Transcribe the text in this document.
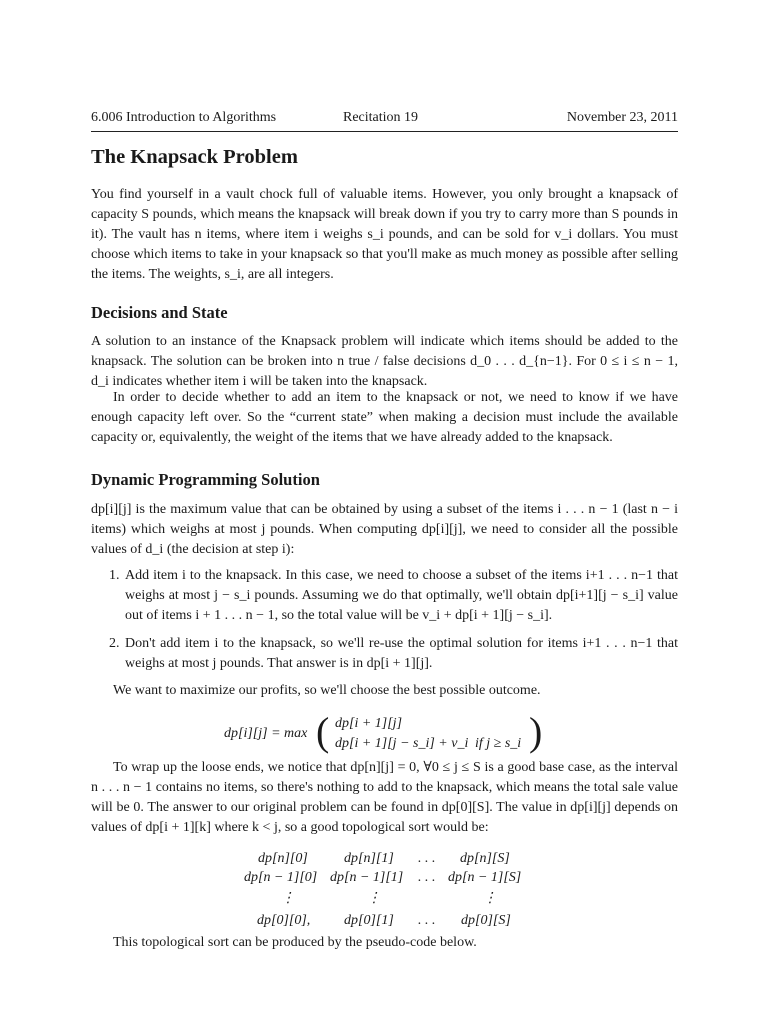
6.006 Introduction to Algorithms	Recitation 19	November 23, 2011
The Knapsack Problem

You find yourself in a vault chock full of valuable items. However, you only brought a knapsack of capacity S pounds, which means the knapsack will break down if you try to carry more than S pounds in it). The vault has n items, where item i weighs s_i pounds, and can be sold for v_i dollars. You must choose which items to take in your knapsack so that you'll make as much money as possible after selling the items. The weights, s_i, are all integers.

Decisions and State

A solution to an instance of the Knapsack problem will indicate which items should be added to the knapsack. The solution can be broken into n true / false decisions d_0 . . . d_{n−1}. For 0 ≤ i ≤ n − 1, d_i indicates whether item i will be taken into the knapsack.

In order to decide whether to add an item to the knapsack or not, we need to know if we have enough capacity left over. So the “current state” when making a decision must include the available capacity or, equivalently, the weight of the items that we have already added to the knapsack.

Dynamic Programming Solution

dp[i][j] is the maximum value that can be obtained by using a subset of the items i . . . n − 1 (last n − i items) which weighs at most j pounds. When computing dp[i][j], we need to consider all the possible values of d_i (the decision at step i):

1. Add item i to the knapsack. In this case, we need to choose a subset of the items i+1 . . . n−1 that weighs at most j − s_i pounds. Assuming we do that optimally, we'll obtain dp[i+1][j − s_i] value out of items i + 1 . . . n − 1, so the total value will be v_i + dp[i + 1][j − s_i].
2. Don't add item i to the knapsack, so we'll re-use the optimal solution for items i+1 . . . n−1 that weighs at most j pounds. That answer is in dp[i + 1][j].

We want to maximize our profits, so we'll choose the best possible outcome.

dp[i][j] = max ( dp[i + 1][j]
dp[i + 1][j − s_i] + v_i if j ≥ s_i )

To wrap up the loose ends, we notice that dp[n][j] = 0, ∀0 ≤ j ≤ S is a good base case, as the interval n . . . n − 1 contains no items, so there's nothing to add to the knapsack, which means the total sale value will be 0. The answer to our original problem can be found in dp[0][S]. The value in dp[i][j] depends on values of dp[i + 1][k] where k < j, so a good topological sort would be:

dp[n][0]	dp[n][1] . . . dp[n][S]
dp[n − 1][0] dp[n − 1][1] . . . dp[n − 1][S]
⋮	⋮	⋮
dp[0][0], dp[0][1] . . . dp[0][S]

This topological sort can be produced by the pseudo-code below.
